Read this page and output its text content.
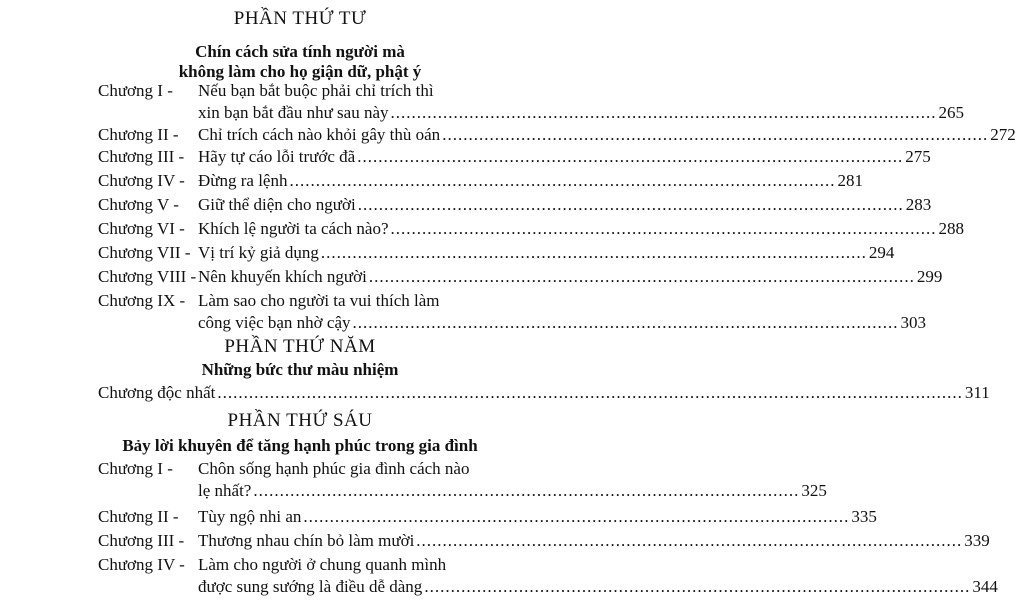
PHẦN THỨ TƯ
Chín cách sửa tính người mà
không làm cho họ giận dữ, phật ý
Chương I - Nếu bạn bắt buộc phải chỉ trích thì
xin bạn bắt đầu như sau này ........................................................................................................ 265
Chương II - Chỉ trích cách nào khỏi gây thù oán ........................................................................................................ 272
Chương III - Hãy tự cáo lỗi trước đã ........................................................................................................ 275
Chương IV - Đừng ra lệnh ........................................................................................................ 281
Chương V - Giữ thể diện cho người ........................................................................................................ 283
Chương VI - Khích lệ người ta cách nào? ........................................................................................................ 288
Chương VII - Vị trí kỷ giả dụng ........................................................................................................ 294
Chương VIII - Nên khuyến khích người ........................................................................................................ 299
Chương IX - Làm sao cho người ta vui thích làm
công việc bạn nhờ cậy ........................................................................................................ 303
PHẦN THỨ NĂM
Những bức thư màu nhiệm
Chương độc nhất .............................................................................................................................................. 311
PHẦN THỨ SÁU
Bảy lời khuyên để tăng hạnh phúc trong gia đình
Chương I - Chôn sống hạnh phúc gia đình cách nào
lẹ nhất? ........................................................................................................ 325
Chương II - Tùy ngộ nhi an ........................................................................................................ 335
Chương III - Thương nhau chín bỏ làm mười ........................................................................................................ 339
Chương IV - Làm cho người ở chung quanh mình
được sung sướng là điều dễ dàng ........................................................................................................ 344
